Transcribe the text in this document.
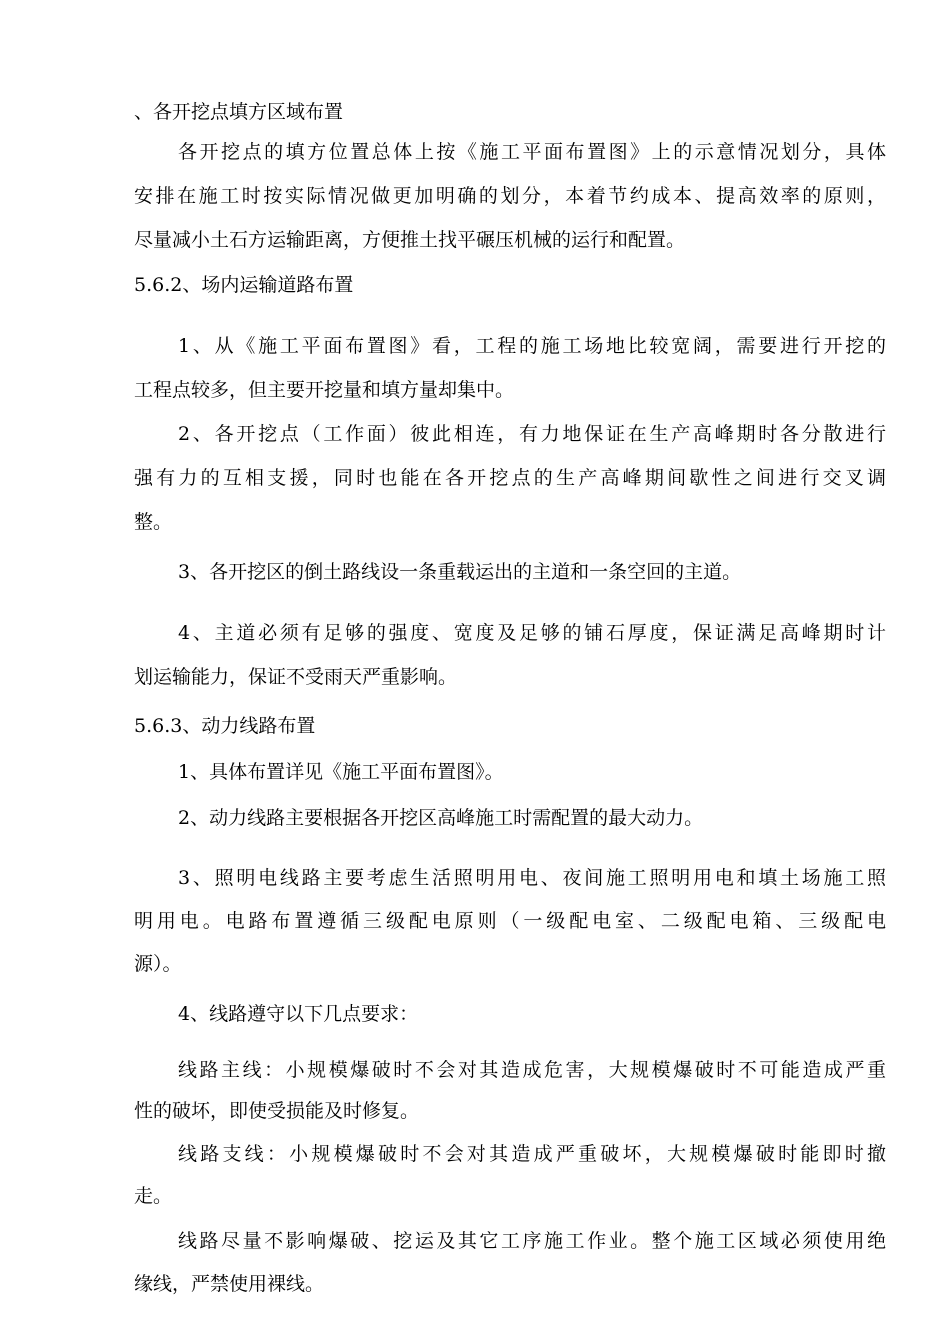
、各开挖点填方区域布置
各开挖点的填方位置总体上按《施工平面布置图》上的示意情况划分，具体
安排在施工时按实际情况做更加明确的划分，本着节约成本、提高效率的原则，
尽量减小土石方运输距离，方便推土找平碾压机械的运行和配置。
5.6.2、场内运输道路布置
1、从《施工平面布置图》看，工程的施工场地比较宽阔，需要进行开挖的
工程点较多，但主要开挖量和填方量却集中。
2、各开挖点（工作面）彼此相连，有力地保证在生产高峰期时各分散进行
强有力的互相支援，同时也能在各开挖点的生产高峰期间歇性之间进行交叉调
整。
3、各开挖区的倒土路线设一条重载运出的主道和一条空回的主道。
4、主道必须有足够的强度、宽度及足够的铺石厚度，保证满足高峰期时计
划运输能力，保证不受雨天严重影响。
5.6.3、动力线路布置
1、具体布置详见《施工平面布置图》。
2、动力线路主要根据各开挖区高峰施工时需配置的最大动力。
3、照明电线路主要考虑生活照明用电、夜间施工照明用电和填土场施工照
明用电。电路布置遵循三级配电原则（一级配电室、二级配电箱、三级配电
源）。
4、线路遵守以下几点要求：
线路主线：小规模爆破时不会对其造成危害，大规模爆破时不可能造成严重
性的破坏，即使受损能及时修复。
线路支线：小规模爆破时不会对其造成严重破坏，大规模爆破时能即时撤
走。
线路尽量不影响爆破、挖运及其它工序施工作业。整个施工区域必须使用绝
缘线，严禁使用裸线。
